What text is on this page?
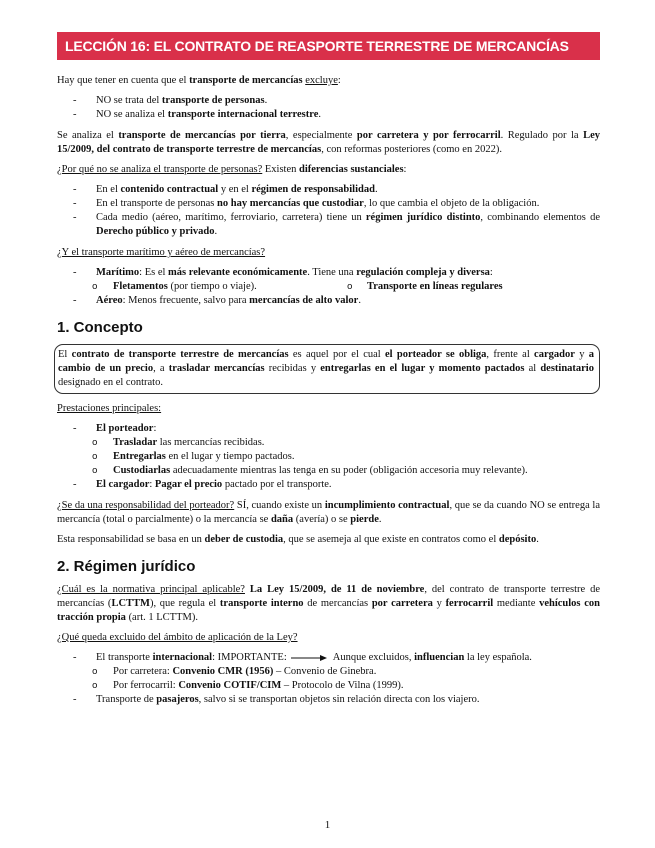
LECCIÓN 16: EL CONTRATO DE REASPORTE TERRESTRE DE MERCANCÍAS

Hay que tener en cuenta que el transporte de mercancías excluye:

- NO se trata del transporte de personas.
- NO se analiza el transporte internacional terrestre.

Se analiza el transporte de mercancías por tierra, especialmente por carretera y por ferrocarril. Regulado por la Ley 15/2009, del contrato de transporte terrestre de mercancías, con reformas posteriores (como en 2022).

¿Por qué no se analiza el transporte de personas? Existen diferencias sustanciales:

- En el contenido contractual y en el régimen de responsabilidad.
- En el transporte de personas no hay mercancías que custodiar, lo que cambia el objeto de la obligación.
- Cada medio (aéreo, marítimo, ferroviario, carretera) tiene un régimen jurídico distinto, combinando elementos de Derecho público y privado.

¿Y el transporte marítimo y aéreo de mercancías?

- Marítimo: Es el más relevante económicamente. Tiene una regulación compleja y diversa:
o Fletamentos (por tiempo o viaje).	o Transporte en líneas regulares
- Aéreo: Menos frecuente, salvo para mercancías de alto valor.
1. Concepto
El contrato de transporte terrestre de mercancías es aquel por el cual el porteador se obliga, frente al cargador y a cambio de un precio, a trasladar mercancías recibidas y entregarlas en el lugar y momento pactados al destinatario designado en el contrato.

Prestaciones principales:

- El porteador:
o Trasladar las mercancías recibidas.
o Entregarlas en el lugar y tiempo pactados.
o Custodiarlas adecuadamente mientras las tenga en su poder (obligación accesoria muy relevante).
- El cargador: Pagar el precio pactado por el transporte.

¿Se da una responsabilidad del porteador? SÍ, cuando existe un incumplimiento contractual, que se da cuando NO se entrega la mercancía (total o parcialmente) o la mercancía se daña (avería) o se pierde.

Esta responsabilidad se basa en un deber de custodia, que se asemeja al que existe en contratos como el depósito.

2. Régimen jurídico

¿Cuál es la normativa principal aplicable? La Ley 15/2009, de 11 de noviembre, del contrato de transporte terrestre de mercancías (LCTTM), que regula el transporte interno de mercancías por carretera y ferrocarril mediante vehículos con tracción propia (art. 1 LCTTM).

¿Qué queda excluido del ámbito de aplicación de la Ley?

- El transporte internacional: IMPORTANTE:	Aunque excluidos, influencian la ley española.
o Por carretera: Convenio CMR (1956) – Convenio de Ginebra.
o Por ferrocarril: Convenio COTIF/CIM – Protocolo de Vilna (1999).
- Transporte de pasajeros, salvo si se transportan objetos sin relación directa con los viajero.
1
